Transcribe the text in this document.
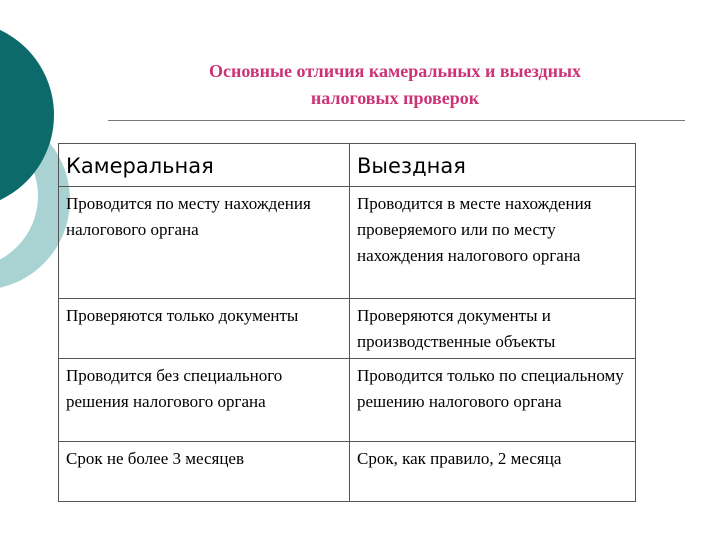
Основные отличия камеральных и выездных
налоговых проверок
Камеральная	Выездная
Проводится по месту нахождения налогового органа	Проводится в месте нахождения проверяемого или по месту нахождения налогового органа
Проверяются только документы	Проверяются документы и производственные объекты
Проводится без специального решения налогового органа	Проводится только по специальному решению налогового органа
Срок не более 3 месяцев	Срок, как правило, 2 месяца
